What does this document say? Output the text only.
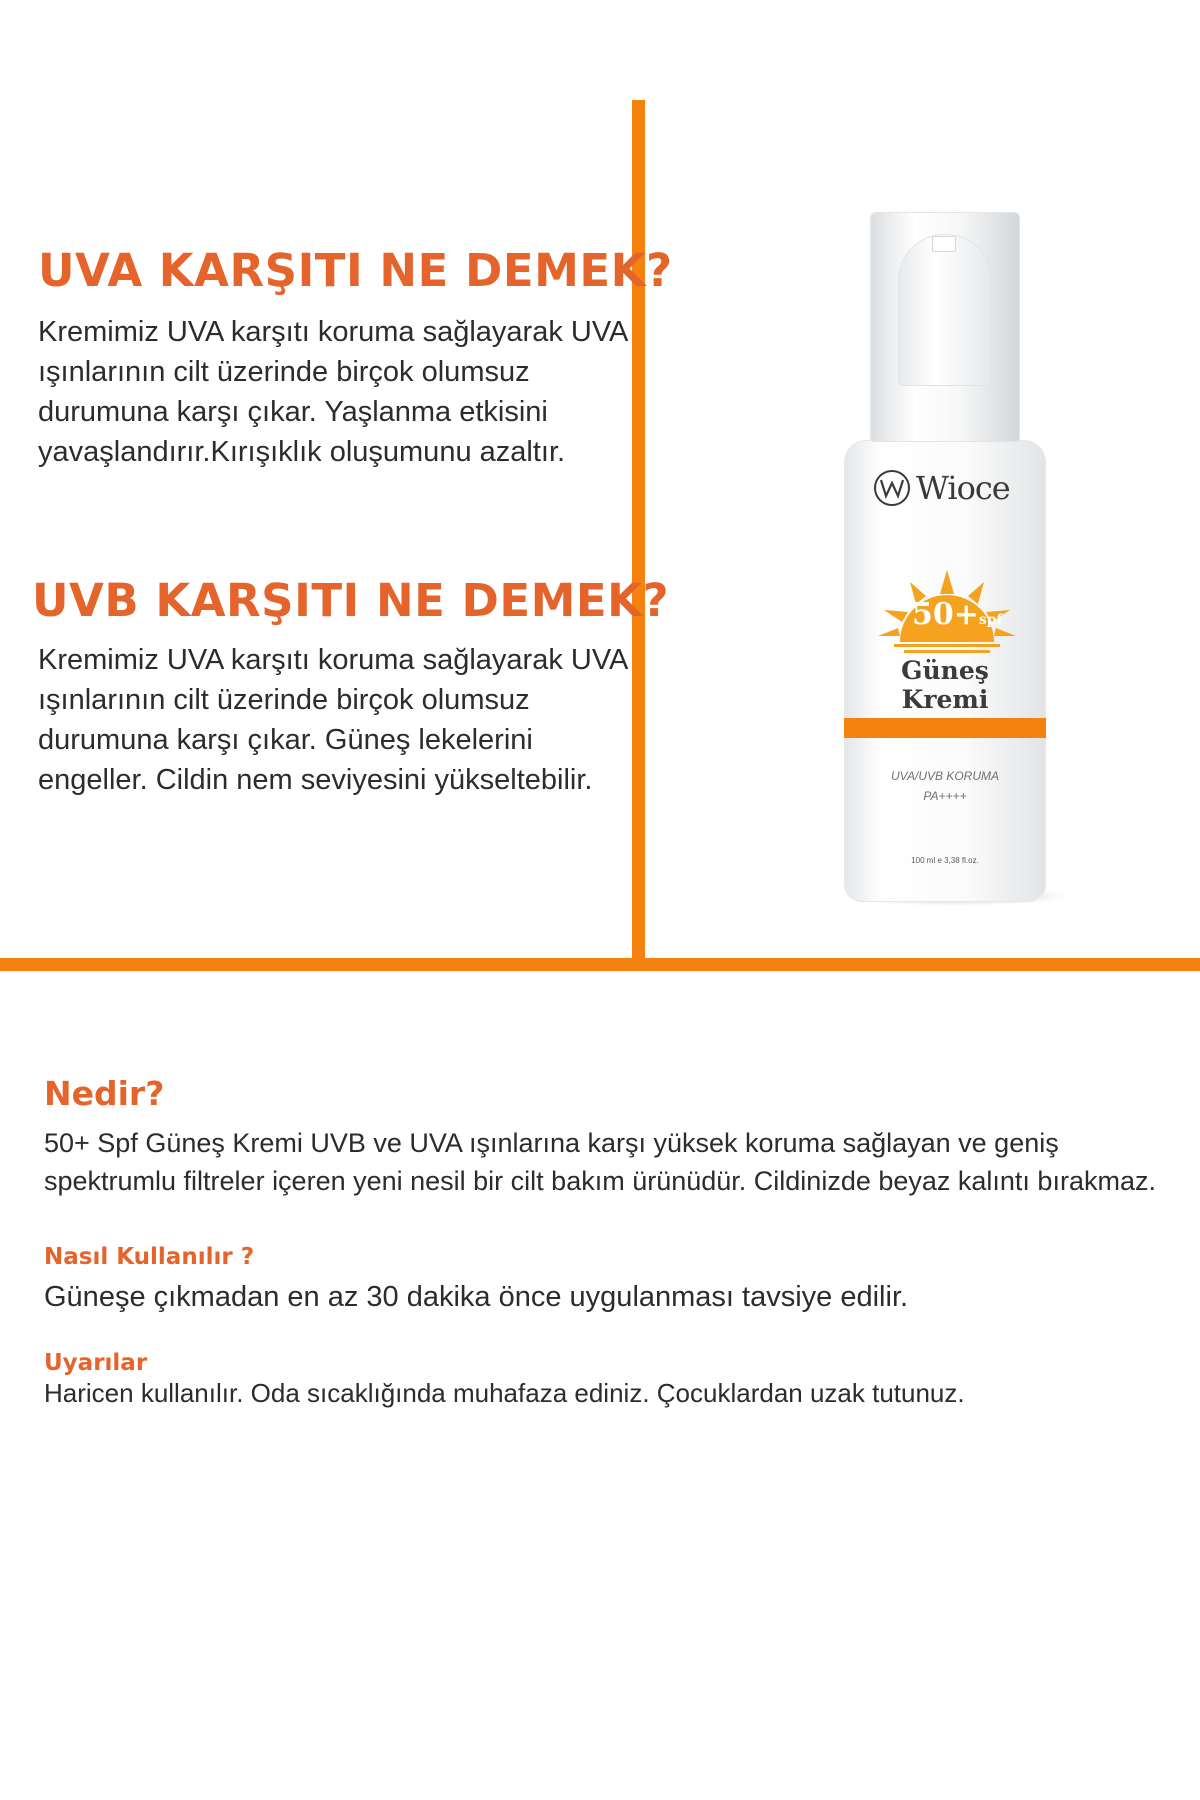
UVA KARŞITI NE DEMEK?

Kremimiz UVA karşıtı koruma sağlayarak UVA ışınlarının cilt üzerinde birçok olumsuz durumuna karşı çıkar. Yaşlanma etkisini yavaşlandırır.Kırışıklık oluşumunu azaltır.

UVB KARŞITI NE DEMEK?

Kremimiz UVA karşıtı koruma sağlayarak UVA ışınlarının cilt üzerinde birçok olumsuz durumuna karşı çıkar. Güneş lekelerini engeller. Cildin nem seviyesini yükseltebilir.

Wioce
50+spf
Güneş Kremi
UVA/UVB KORUMA
PA++++
100 ml e 3,38 fl.oz.
Nedir?

50+ Spf Güneş Kremi UVB ve UVA ışınlarına karşı yüksek koruma sağlayan ve geniş spektrumlu filtreler içeren yeni nesil bir cilt bakım ürünüdür. Cildinizde beyaz kalıntı bırakmaz.

Nasıl Kullanılır ?

Güneşe çıkmadan en az 30 dakika önce uygulanması tavsiye edilir.

Uyarılar

Haricen kullanılır. Oda sıcaklığında muhafaza ediniz. Çocuklardan uzak tutunuz.
